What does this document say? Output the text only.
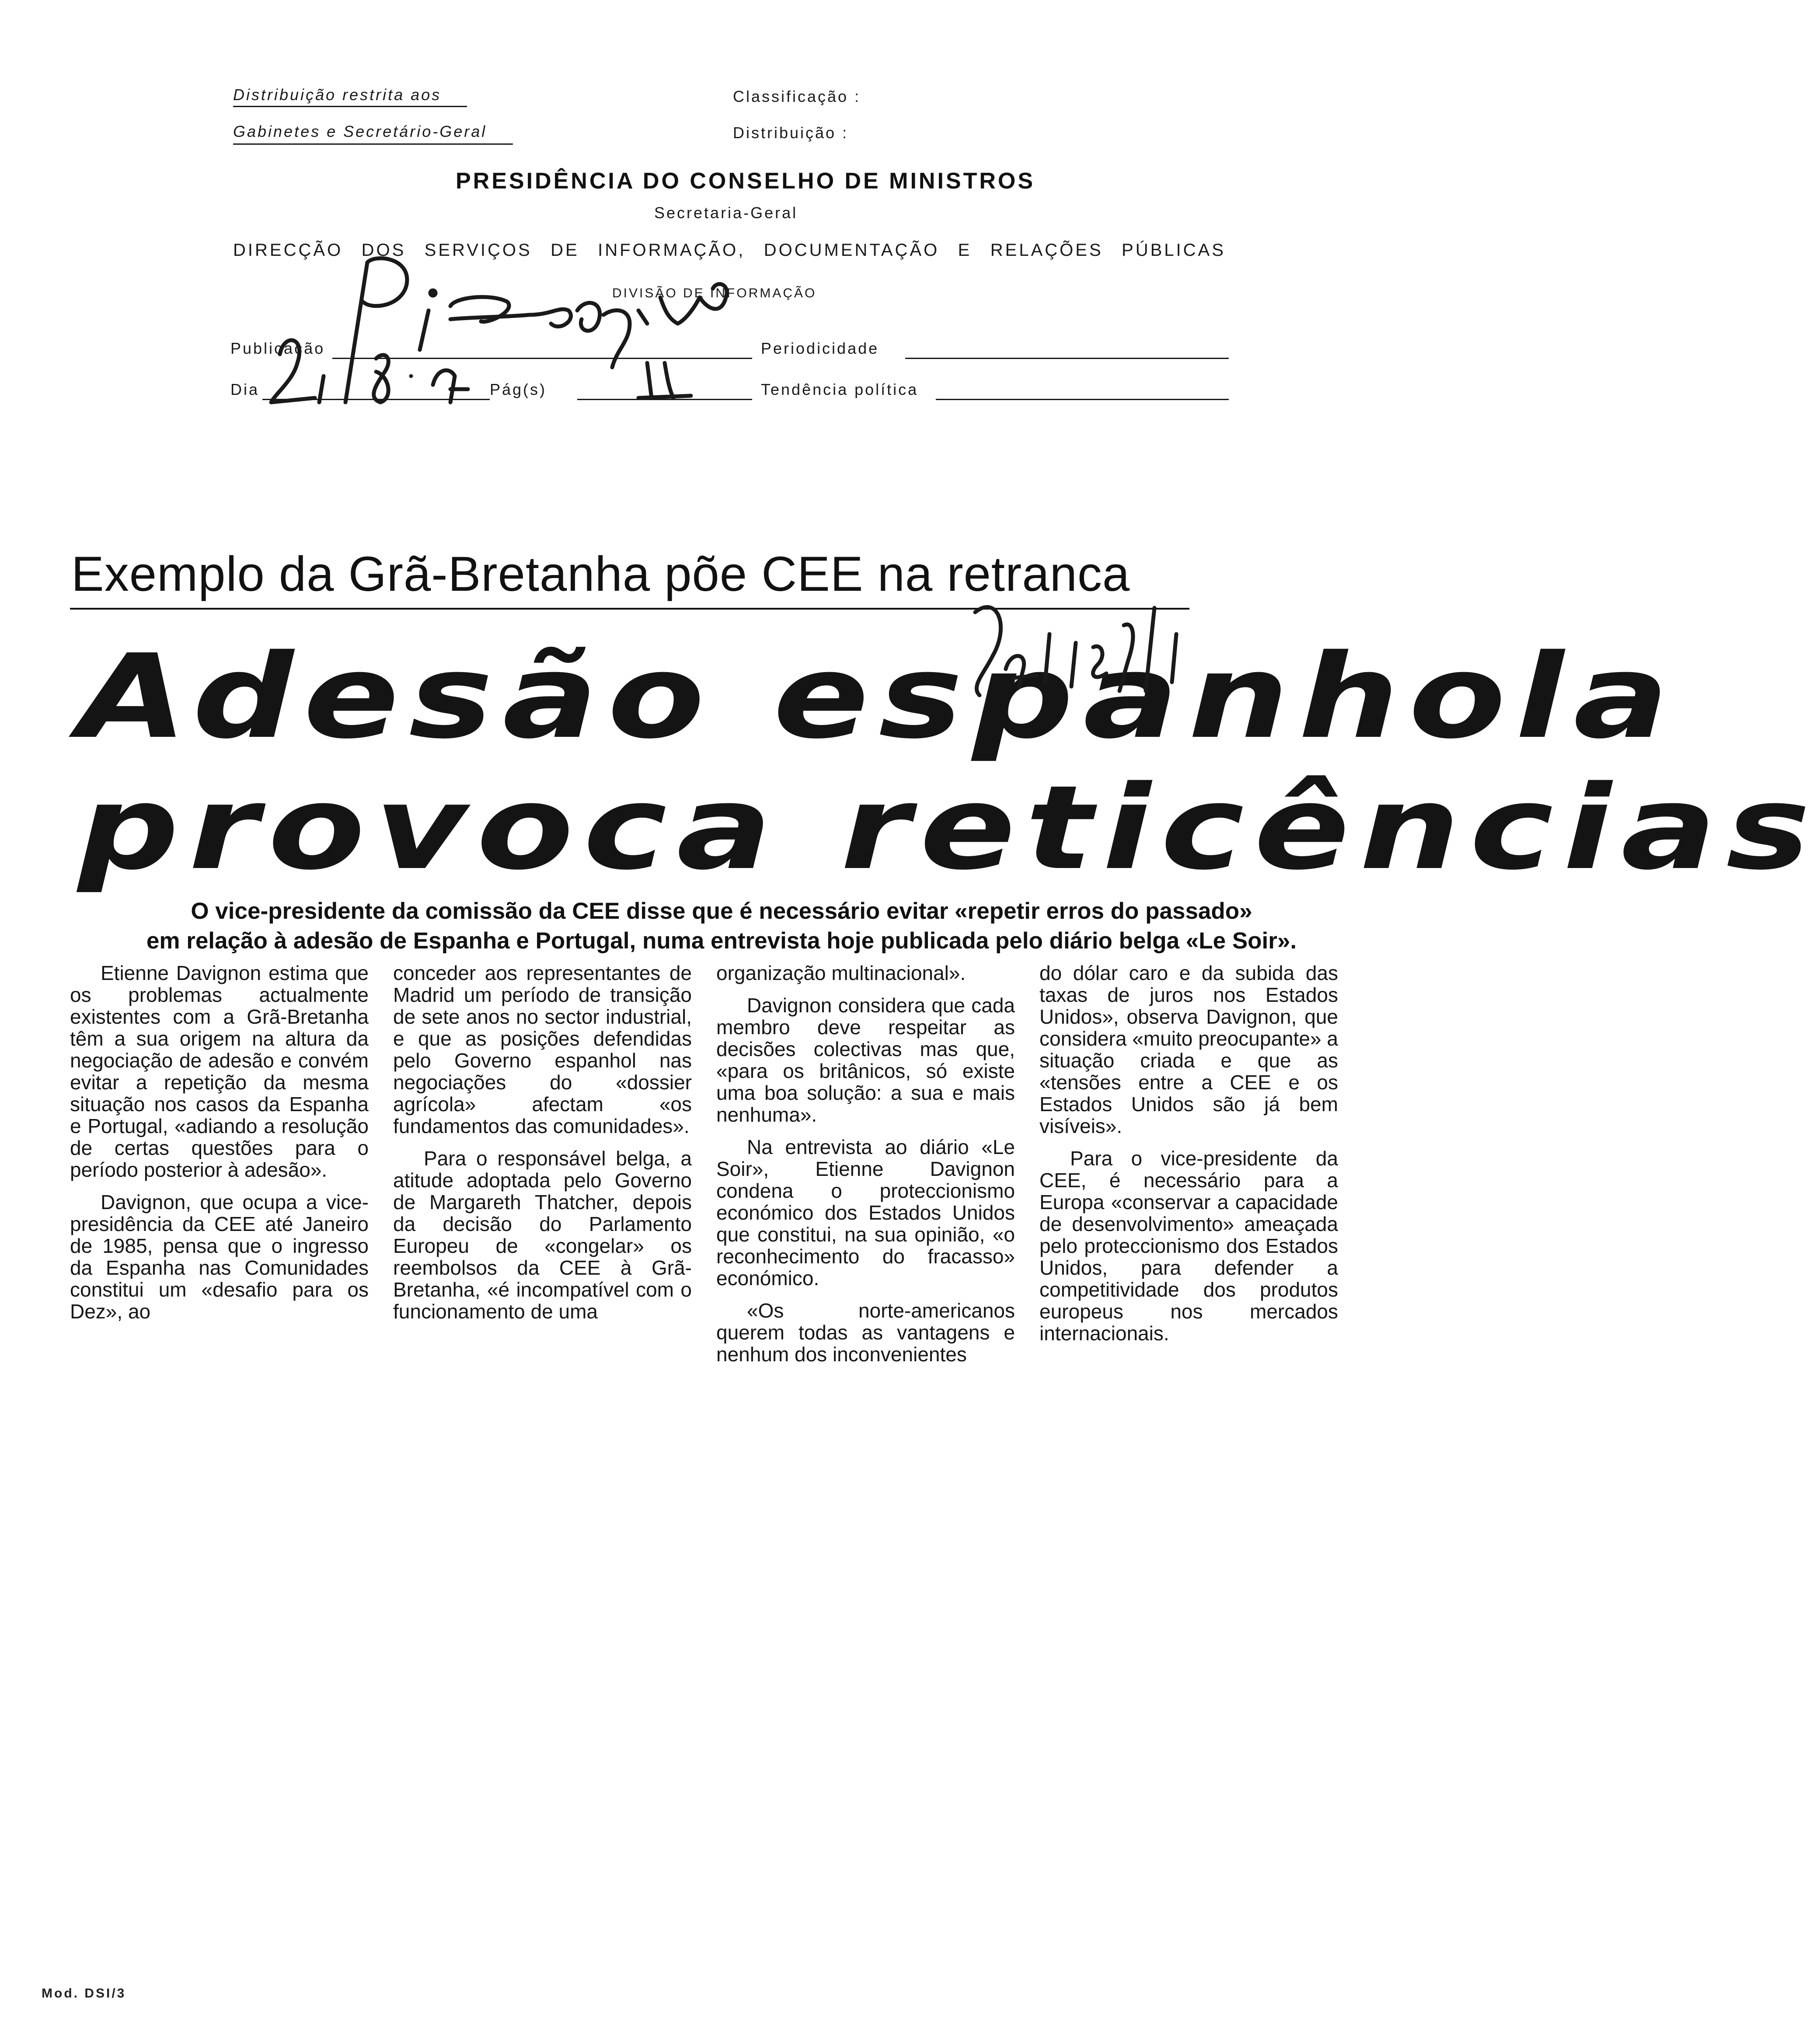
Distribuição restrita aos
Gabinetes e Secretário-Geral
Classificação :
Distribuição :
PRESIDÊNCIA DO CONSELHO DE MINISTROS
Secretaria-Geral
DIRECÇÃO DOS SERVIÇOS DE INFORMAÇÃO, DOCUMENTAÇÃO E RELAÇÕES PÚBLICAS
DIVISÃO DE INFORMAÇÃO
Publicação	Periodicidade
Dia	Pág(s)	Tendência política
Exemplo da Grã-Bretanha põe CEE na retranca
Adesão espanhola
provoca reticências
O vice-presidente da comissão da CEE disse que é necessário evitar «repetir erros do passado»
em relação à adesão de Espanha e Portugal, numa entrevista hoje publicada pelo diário belga «Le Soir».

Etienne Davignon estima que os problemas actualmente existentes com a Grã-Bretanha têm a sua origem na altura da negociação de adesão e convém evitar a repetição da mesma situação nos casos da Espanha e Portugal, «adiando a resolução de certas questões para o período posterior à adesão».

Davignon, que ocupa a vice-presidência da CEE até Janeiro de 1985, pensa que o ingresso da Espanha nas Comunidades constitui um «desafio para os Dez», ao

conceder aos representantes de Madrid um período de transição de sete anos no sector industrial, e que as posições defendidas pelo Governo espanhol nas negociações do «dossier agrícola» afectam «os fundamentos das comunidades».

Para o responsável belga, a atitude adoptada pelo Governo de Margareth Thatcher, depois da decisão do Parlamento Europeu de «congelar» os reembolsos da CEE à Grã-Bretanha, «é incompatível com o funcionamento de uma

organização multinacional».

Davignon considera que cada membro deve respeitar as decisões colectivas mas que, «para os britânicos, só existe uma boa solução: a sua e mais nenhuma».

Na entrevista ao diário «Le Soir», Etienne Davignon condena o proteccionismo económico dos Estados Unidos que constitui, na sua opinião, «o reconhecimento do fracasso» económico.

«Os norte-americanos querem todas as vantagens e nenhum dos inconvenientes

do dólar caro e da subida das taxas de juros nos Estados Unidos», observa Davignon, que considera «muito preocupante» a situação criada e que as «tensões entre a CEE e os Estados Unidos são já bem visíveis».

Para o vice-presidente da CEE, é necessário para a Europa «conservar a capacidade de desenvolvimento» ameaçada pelo proteccionismo dos Estados Unidos, para defender a competitividade dos produtos europeus nos mercados internacionais.

Mod. DSI/3
